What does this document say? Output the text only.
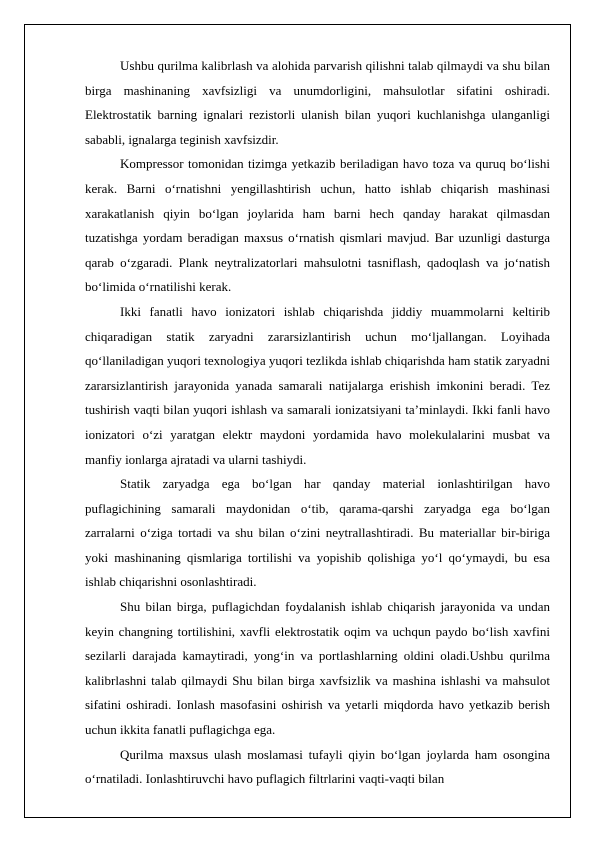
Ushbu qurilma kalibrlash va alohida parvarish qilishni talab qilmaydi va shu bilan birga mashinaning xavfsizligi va unumdorligini, mahsulotlar sifatini oshiradi. Elektrostatik barning ignalari rezistorli ulanish bilan yuqori kuchlanishga ulanganligi sababli, ignalarga teginish xavfsizdir.

Kompressor tomonidan tizimga yetkazib beriladigan havo toza va quruq bo‘lishi kerak. Barni o‘rnatishni yengillashtirish uchun, hatto ishlab chiqarish mashinasi xarakatlanish qiyin bo‘lgan joylarida ham barni hech qanday harakat qilmasdan tuzatishga yordam beradigan maxsus o‘rnatish qismlari mavjud. Bar uzunligi dasturga qarab o‘zgaradi. Plank neytralizatorlari mahsulotni tasniflash, qadoqlash va jo‘natish bo‘limida o‘rnatilishi kerak.

Ikki fanatli havo ionizatori ishlab chiqarishda jiddiy muammolarni keltirib chiqaradigan statik zaryadni zararsizlantirish uchun mo‘ljallangan. Loyihada qo‘llaniladigan yuqori texnologiya yuqori tezlikda ishlab chiqarishda ham statik zaryadni zararsizlantirish jarayonida yanada samarali natijalarga erishish imkonini beradi. Tez tushirish vaqti bilan yuqori ishlash va samarali ionizatsiyani ta’minlaydi. Ikki fanli havo ionizatori o‘zi yaratgan elektr maydoni yordamida havo molekulalarini musbat va manfiy ionlarga ajratadi va ularni tashiydi.

Statik zaryadga ega bo‘lgan har qanday material ionlashtirilgan havo puflagichining samarali maydonidan o‘tib, qarama-qarshi zaryadga ega bo‘lgan zarralarni o‘ziga tortadi va shu bilan o‘zini neytrallashtiradi. Bu materiallar bir-biriga yoki mashinaning qismlariga tortilishi va yopishib qolishiga yo‘l qo‘ymaydi, bu esa ishlab chiqarishni osonlashtiradi.

Shu bilan birga, puflagichdan foydalanish ishlab chiqarish jarayonida va undan keyin changning tortilishini, xavfli elektrostatik oqim va uchqun paydo bo‘lish xavfini sezilarli darajada kamaytiradi, yong‘in va portlashlarning oldini oladi.Ushbu qurilma kalibrlashni talab qilmaydi Shu bilan birga xavfsizlik va mashina ishlashi va mahsulot sifatini oshiradi. Ionlash masofasini oshirish va yetarli miqdorda havo yetkazib berish uchun ikkita fanatli puflagichga ega.

Qurilma maxsus ulash moslamasi tufayli qiyin bo‘lgan joylarda ham osongina o‘rnatiladi. Ionlashtiruvchi havo puflagich filtrlarini vaqti-vaqti bilan
